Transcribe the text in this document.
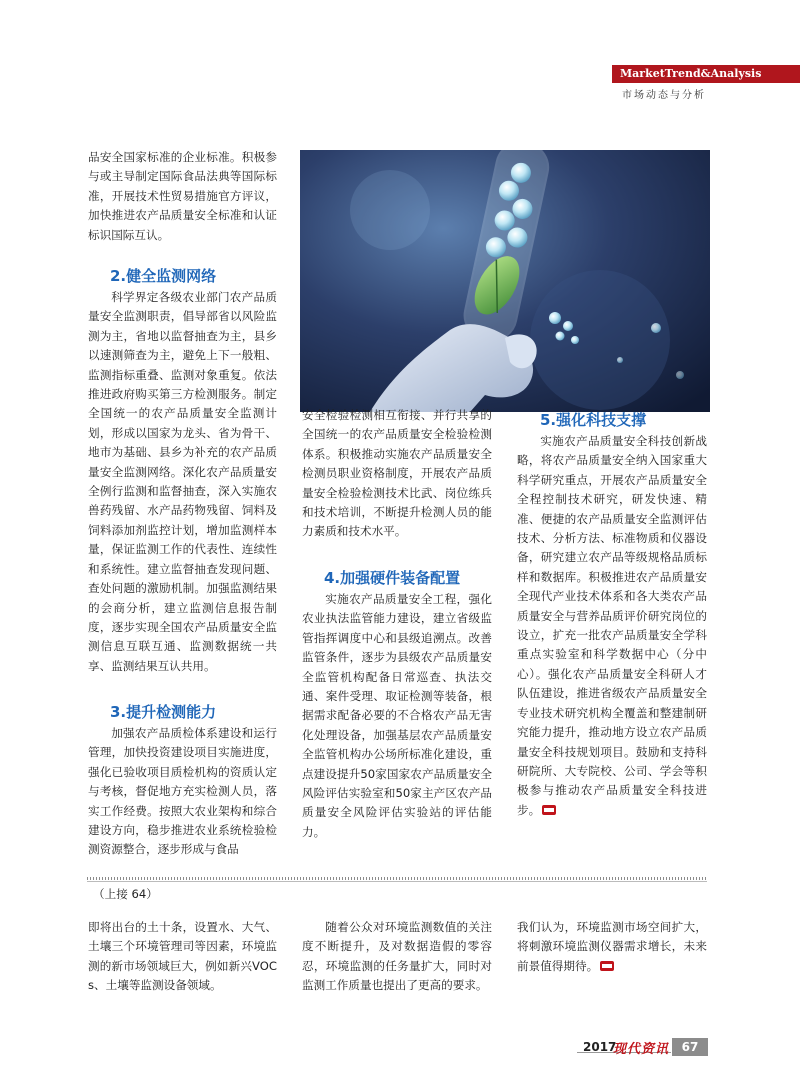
MarketTrend&Analysis
市场动态与分析

品安全国家标准的企业标准。积极参与或主导制定国际食品法典等国际标准，开展技术性贸易措施官方评议，加快推进农产品质量安全标准和认证标识国际互认。

2.健全监测网络

科学界定各级农业部门农产品质量安全监测职责，倡导部省以风险监测为主，省地以监督抽查为主，县乡以速测筛查为主，避免上下一般粗、监测指标重叠、监测对象重复。依法推进政府购买第三方检测服务。制定全国统一的农产品质量安全监测计划，形成以国家为龙头、省为骨干、地市为基础、县乡为补充的农产品质量安全监测网络。深化农产品质量安全例行监测和监督抽查，深入实施农兽药残留、水产品药物残留、饲料及饲料添加剂监控计划，增加监测样本量，保证监测工作的代表性、连续性和系统性。建立监督抽查发现问题、查处问题的激励机制。加强监测结果的会商分析，建立监测信息报告制度，逐步实现全国农产品质量安全监测信息互联互通、监测数据统一共享、监测结果互认共用。

3.提升检测能力

加强农产品质检体系建设和运行管理，加快投资建设项目实施进度，强化已验收项目质检机构的资质认定与考核，督促地方充实检测人员，落实工作经费。按照大农业架构和综合建设方向，稳步推进农业系统检验检测资源整合，逐步形成与食品

安全检验检测相互衔接、并行共享的全国统一的农产品质量安全检验检测体系。积极推动实施农产品质量安全检测员职业资格制度，开展农产品质量安全检验检测技术比武、岗位练兵和技术培训，不断提升检测人员的能力素质和技术水平。

4.加强硬件装备配置

实施农产品质量安全工程，强化农业执法监管能力建设，建立省级监管指挥调度中心和县级追溯点。改善监管条件，逐步为县级农产品质量安全监管机构配备日常巡查、执法交通、案件受理、取证检测等装备，根据需求配备必要的不合格农产品无害化处理设备，加强基层农产品质量安全监管机构办公场所标准化建设，重点建设提升50家国家农产品质量安全风险评估实验室和50家主产区农产品质量安全风险评估实验站的评估能力。

5.强化科技支撑

实施农产品质量安全科技创新战略，将农产品质量安全纳入国家重大科学研究重点，开展农产品质量安全全程控制技术研究，研发快速、精准、便捷的农产品质量安全监测评估技术、分析方法、标准物质和仪器设备，研究建立农产品等级规格品质标样和数据库。积极推进农产品质量安全现代产业技术体系和各大类农产品质量安全与营养品质评价研究岗位的设立，扩充一批农产品质量安全学科重点实验室和科学数据中心（分中心）。强化农产品质量安全科研人才队伍建设，推进省级农产品质量安全专业技术研究机构全覆盖和整建制研究能力提升，推动地方设立农产品质量安全科技规划项目。鼓励和支持科研院所、大专院校、公司、学会等积极参与推动农产品质量安全科技进步。

（上接 64）

即将出台的土十条，设置水、大气、土壤三个环境管理司等因素，环境监测的新市场领域巨大，例如新兴VOCs、土壤等监测设备领域。

随着公众对环境监测数值的关注度不断提升，及对数据造假的零容忍，环境监测的任务量扩大，同时对监测工作质量也提出了更高的要求。

我们认为，环境监测市场空间扩大，将刺激环境监测仪器需求增长，未来前景值得期待。

2017
现代资讯	67
